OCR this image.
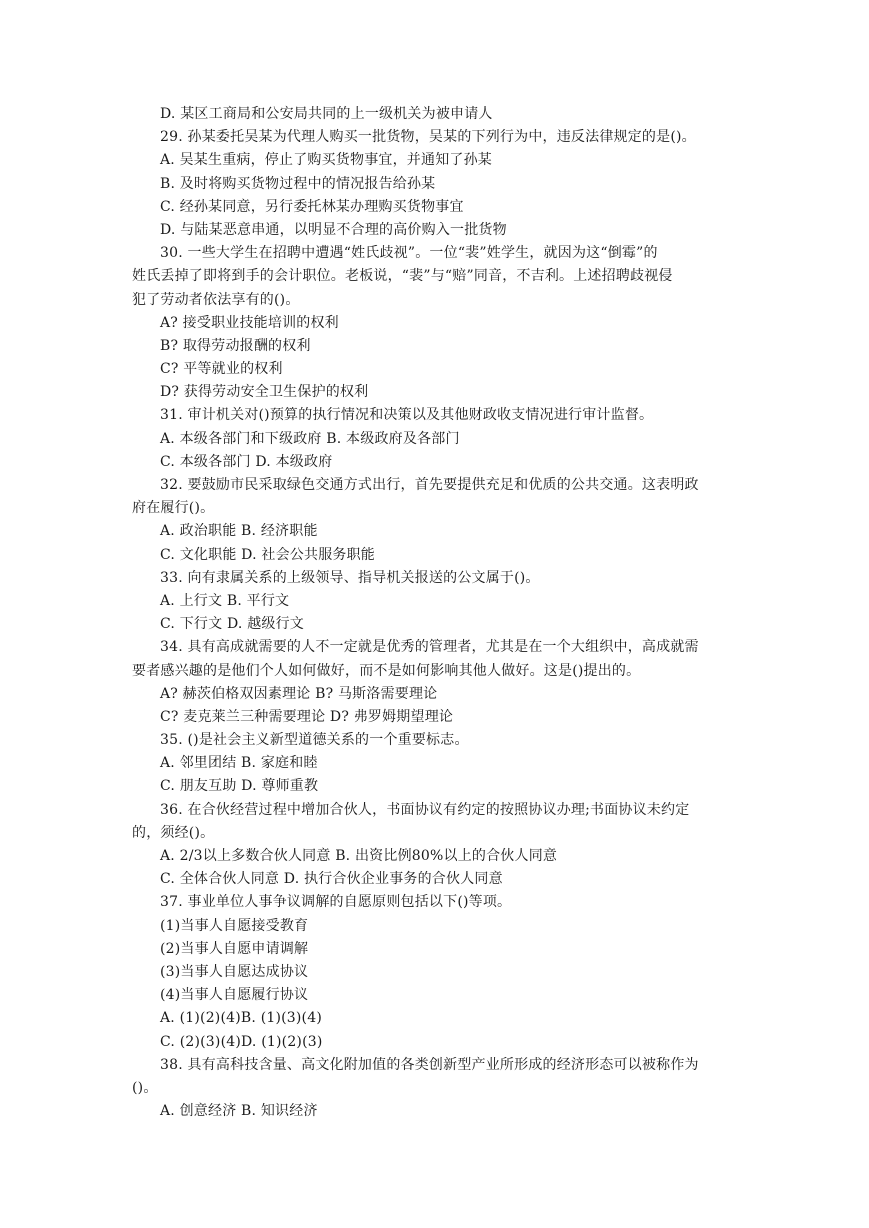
D. 某区工商局和公安局共同的上一级机关为被申请人
29. 孙某委托吴某为代理人购买一批货物，吴某的下列行为中，违反法律规定的是()。
A. 吴某生重病，停止了购买货物事宜，并通知了孙某
B. 及时将购买货物过程中的情况报告给孙某
C. 经孙某同意，另行委托林某办理购买货物事宜
D. 与陆某恶意串通，以明显不合理的高价购入一批货物
30. 一些大学生在招聘中遭遇“姓氏歧视”。一位“裴”姓学生，就因为这“倒霉”的
姓氏丢掉了即将到手的会计职位。老板说，“裴”与“赔”同音，不吉利。上述招聘歧视侵
犯了劳动者依法享有的()。
A? 接受职业技能培训的权利
B? 取得劳动报酬的权利
C? 平等就业的权利
D? 获得劳动安全卫生保护的权利
31. 审计机关对()预算的执行情况和决策以及其他财政收支情况进行审计监督。
A. 本级各部门和下级政府 B. 本级政府及各部门
C. 本级各部门 D. 本级政府
32. 要鼓励市民采取绿色交通方式出行，首先要提供充足和优质的公共交通。这表明政
府在履行()。
A. 政治职能 B. 经济职能
C. 文化职能 D. 社会公共服务职能
33. 向有隶属关系的上级领导、指导机关报送的公文属于()。
A. 上行文 B. 平行文
C. 下行文 D. 越级行文
34. 具有高成就需要的人不一定就是优秀的管理者，尤其是在一个大组织中，高成就需
要者感兴趣的是他们个人如何做好，而不是如何影响其他人做好。这是()提出的。
A? 赫茨伯格双因素理论 B? 马斯洛需要理论
C? 麦克莱兰三种需要理论 D? 弗罗姆期望理论
35. ()是社会主义新型道德关系的一个重要标志。
A. 邻里团结 B. 家庭和睦
C. 朋友互助 D. 尊师重教
36. 在合伙经营过程中增加合伙人，书面协议有约定的按照协议办理;书面协议未约定
的，须经()。
A. 2/3以上多数合伙人同意 B. 出资比例80%以上的合伙人同意
C. 全体合伙人同意 D. 执行合伙企业事务的合伙人同意
37. 事业单位人事争议调解的自愿原则包括以下()等项。
(1)当事人自愿接受教育
(2)当事人自愿申请调解
(3)当事人自愿达成协议
(4)当事人自愿履行协议
A. (1)(2)(4)B. (1)(3)(4)
C. (2)(3)(4)D. (1)(2)(3)
38. 具有高科技含量、高文化附加值的各类创新型产业所形成的经济形态可以被称作为
()。
A. 创意经济 B. 知识经济
